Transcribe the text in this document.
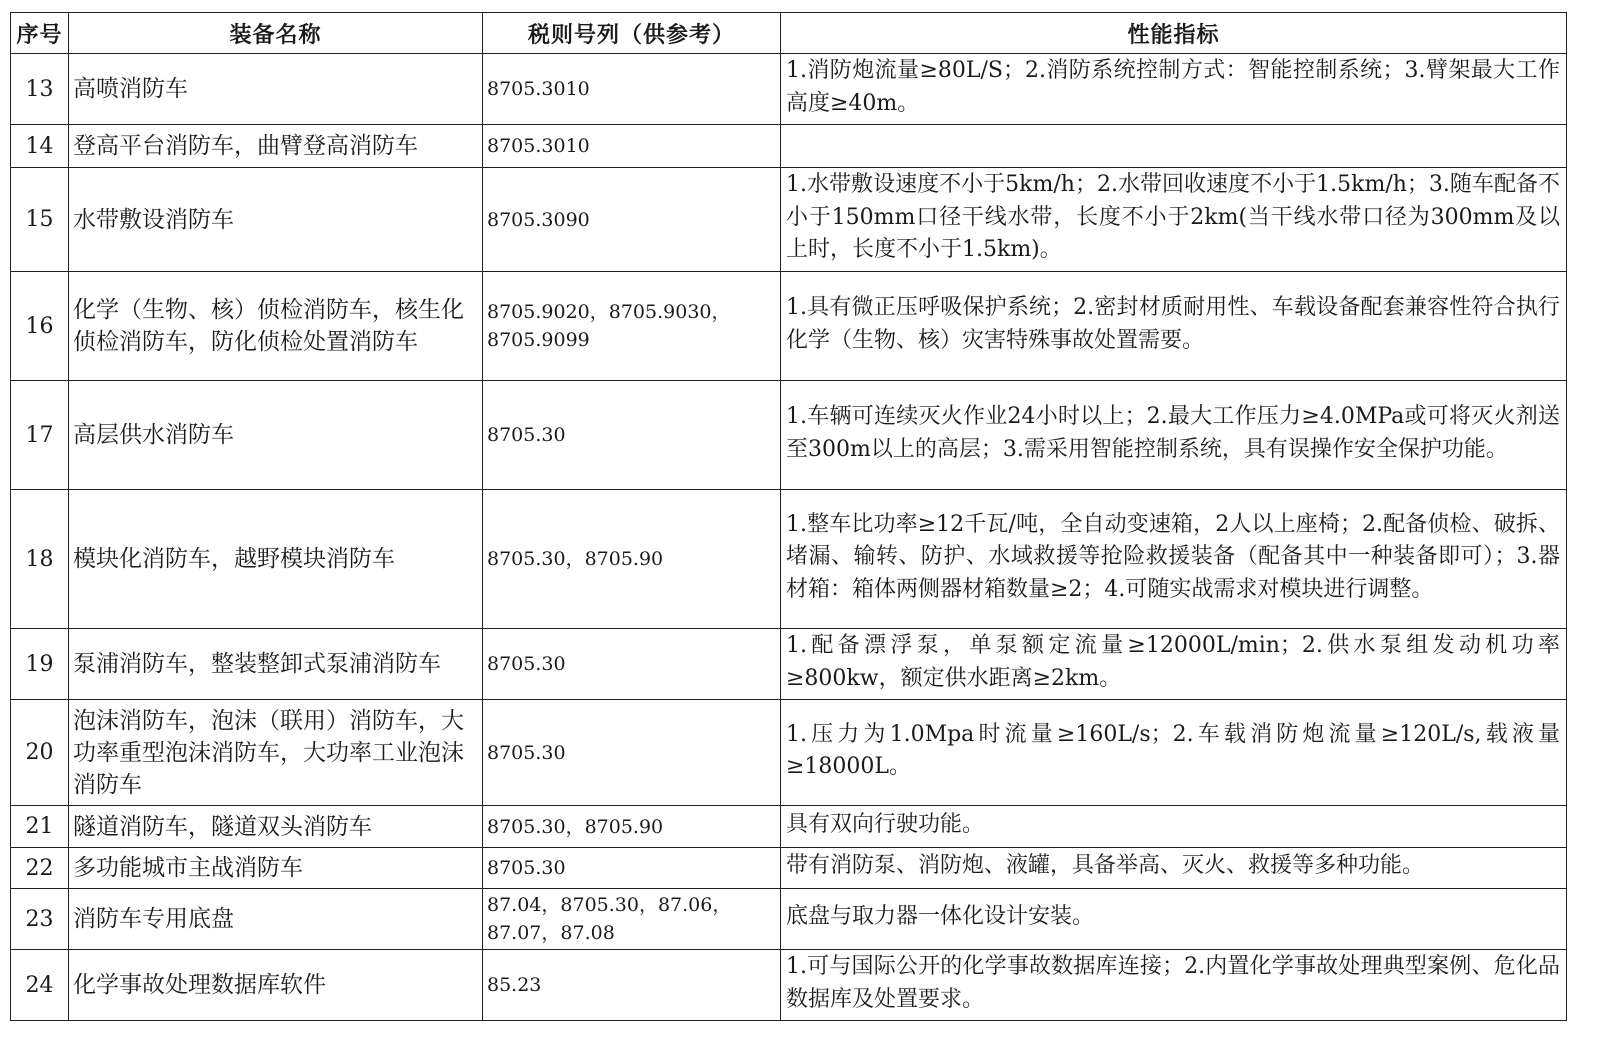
序号	装备名称	税则号列（供参考）	性能指标
13	高喷消防车	8705.3010	1.消防炮流量≥80L/S；2.消防系统控制方式：智能控制系统；3.臂架最大工作高度≥40m。
14	登高平台消防车，曲臂登高消防车	8705.3010	
15	水带敷设消防车	8705.3090	1.水带敷设速度不小于5km/h；2.水带回收速度不小于1.5km/h；3.随车配备不小于150mm口径干线水带，长度不小于2km(当干线水带口径为300mm及以上时，长度不小于1.5km)。
16	化学（生物、核）侦检消防车，核生化侦检消防车，防化侦检处置消防车	8705.9020，8705.9030，8705.9099	1.具有微正压呼吸保护系统；2.密封材质耐用性、车载设备配套兼容性符合执行化学（生物、核）灾害特殊事故处置需要。
17	高层供水消防车	8705.30	1.车辆可连续灭火作业24小时以上；2.最大工作压力≥4.0MPa或可将灭火剂送至300m以上的高层；3.需采用智能控制系统，具有误操作安全保护功能。
18	模块化消防车，越野模块消防车	8705.30，8705.90	1.整车比功率≥12千瓦/吨，全自动变速箱，2人以上座椅；2.配备侦检、破拆、堵漏、输转、防护、水域救援等抢险救援装备（配备其中一种装备即可）；3.器材箱：箱体两侧器材箱数量≥2；4.可随实战需求对模块进行调整。
19	泵浦消防车，整装整卸式泵浦消防车	8705.30	1.配备漂浮泵，单泵额定流量≥12000L/min；2.供水泵组发动机功率≥800kw，额定供水距离≥2km。
20	泡沫消防车，泡沫（联用）消防车，大功率重型泡沫消防车，大功率工业泡沫消防车	8705.30	1.压力为1.0Mpa时流量≥160L/s；2.车载消防炮流量≥120L/s,载液量≥18000L。
21	隧道消防车，隧道双头消防车	8705.30，8705.90	具有双向行驶功能。
22	多功能城市主战消防车	8705.30	带有消防泵、消防炮、液罐，具备举高、灭火、救援等多种功能。
23	消防车专用底盘	87.04，8705.30，87.06，87.07，87.08	底盘与取力器一体化设计安装。
24	化学事故处理数据库软件	85.23	1.可与国际公开的化学事故数据库连接；2.内置化学事故处理典型案例、危化品数据库及处置要求。
